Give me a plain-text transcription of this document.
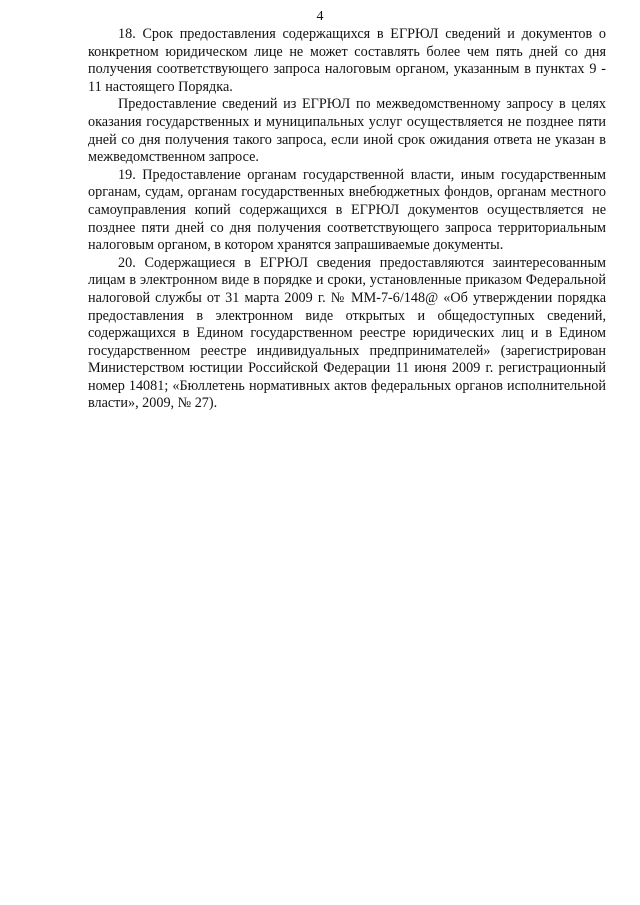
4

18. Срок предоставления содержащихся в ЕГРЮЛ сведений и документов о конкретном юридическом лице не может составлять более чем пять дней со дня получения соответствующего запроса налоговым органом, указанным в пунктах 9 - 11 настоящего Порядка.

Предоставление сведений из ЕГРЮЛ по межведомственному запросу в целях оказания государственных и муниципальных услуг осуществляется не позднее пяти дней со дня получения такого запроса, если иной срок ожидания ответа не указан в межведомственном запросе.

19. Предоставление органам государственной власти, иным государственным органам, судам, органам государственных внебюджетных фондов, органам местного самоуправления копий содержащихся в ЕГРЮЛ документов осуществляется не позднее пяти дней со дня получения соответствующего запроса территориальным налоговым органом, в котором хранятся запрашиваемые документы.

20. Содержащиеся в ЕГРЮЛ сведения предоставляются заинтересованным лицам в электронном виде в порядке и сроки, установленные приказом Федеральной налоговой службы от 31 марта 2009 г. № ММ-7-6/148@ «Об утверждении порядка предоставления в электронном виде открытых и общедоступных сведений, содержащихся в Едином государственном реестре юридических лиц и в Едином государственном реестре индивидуальных предпринимателей» (зарегистрирован Министерством юстиции Российской Федерации 11 июня 2009 г. регистрационный номер 14081; «Бюллетень нормативных актов федеральных органов исполнительной власти», 2009, № 27).
